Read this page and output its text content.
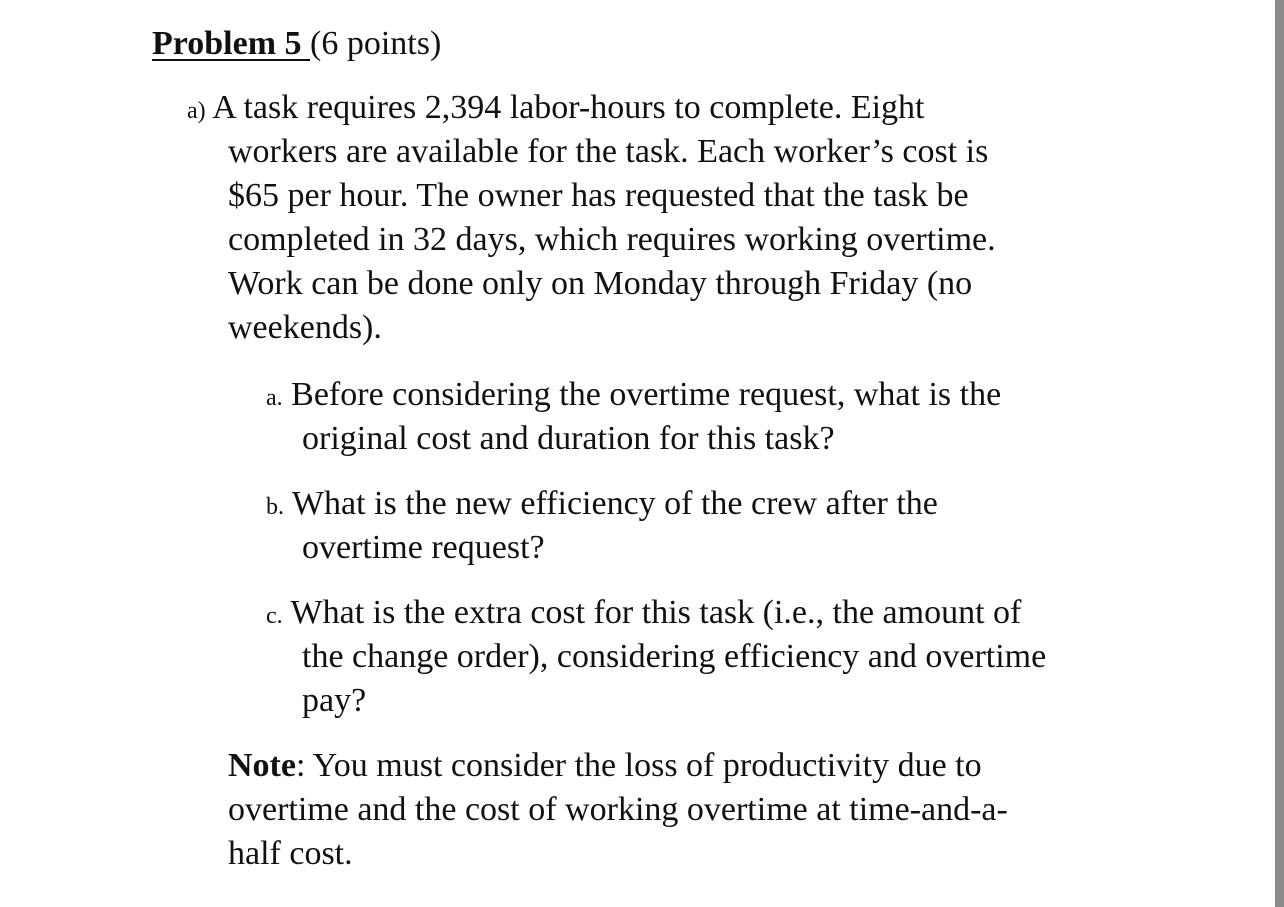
Problem 5 (6 points)
a) A task requires 2,394 labor-hours to complete. Eight
workers are available for the task. Each worker’s cost is
$65 per hour. The owner has requested that the task be
completed in 32 days, which requires working overtime.
Work can be done only on Monday through Friday (no
weekends).
a. Before considering the overtime request, what is the
original cost and duration for this task?
b. What is the new efficiency of the crew after the
overtime request?
c. What is the extra cost for this task (i.e., the amount of
the change order), considering efficiency and overtime
pay?
Note: You must consider the loss of productivity due to
overtime and the cost of working overtime at time-and-a-
half cost.
